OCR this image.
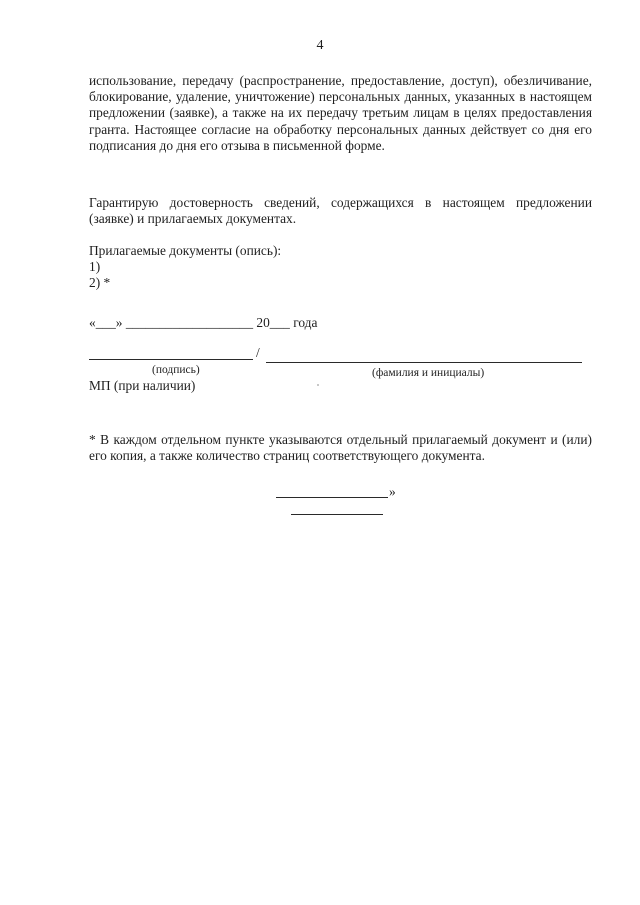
4

использование, передачу (распространение, предоставление, доступ), обезличивание, блокирование, удаление, уничтожение) персональных данных, указанных в настоящем предложении (заявке), а также на их передачу третьим лицам в целях предоставления гранта. Настоящее согласие на обработку персональных данных действует со дня его подписания до дня его отзыва в письменной форме.

Гарантирую достоверность сведений, содержащихся в настоящем предложении (заявке) и прилагаемых документах.

Прилагаемые документы (опись):
1)
2) *
«___» ___________________ 20___ года
/
(подпись)	(фамилия и инициалы)
МП (при наличии)

* В каждом отдельном пункте указываются отдельный прилагаемый документ и (или) его копия, а также количество страниц соответствующего документа.

»
